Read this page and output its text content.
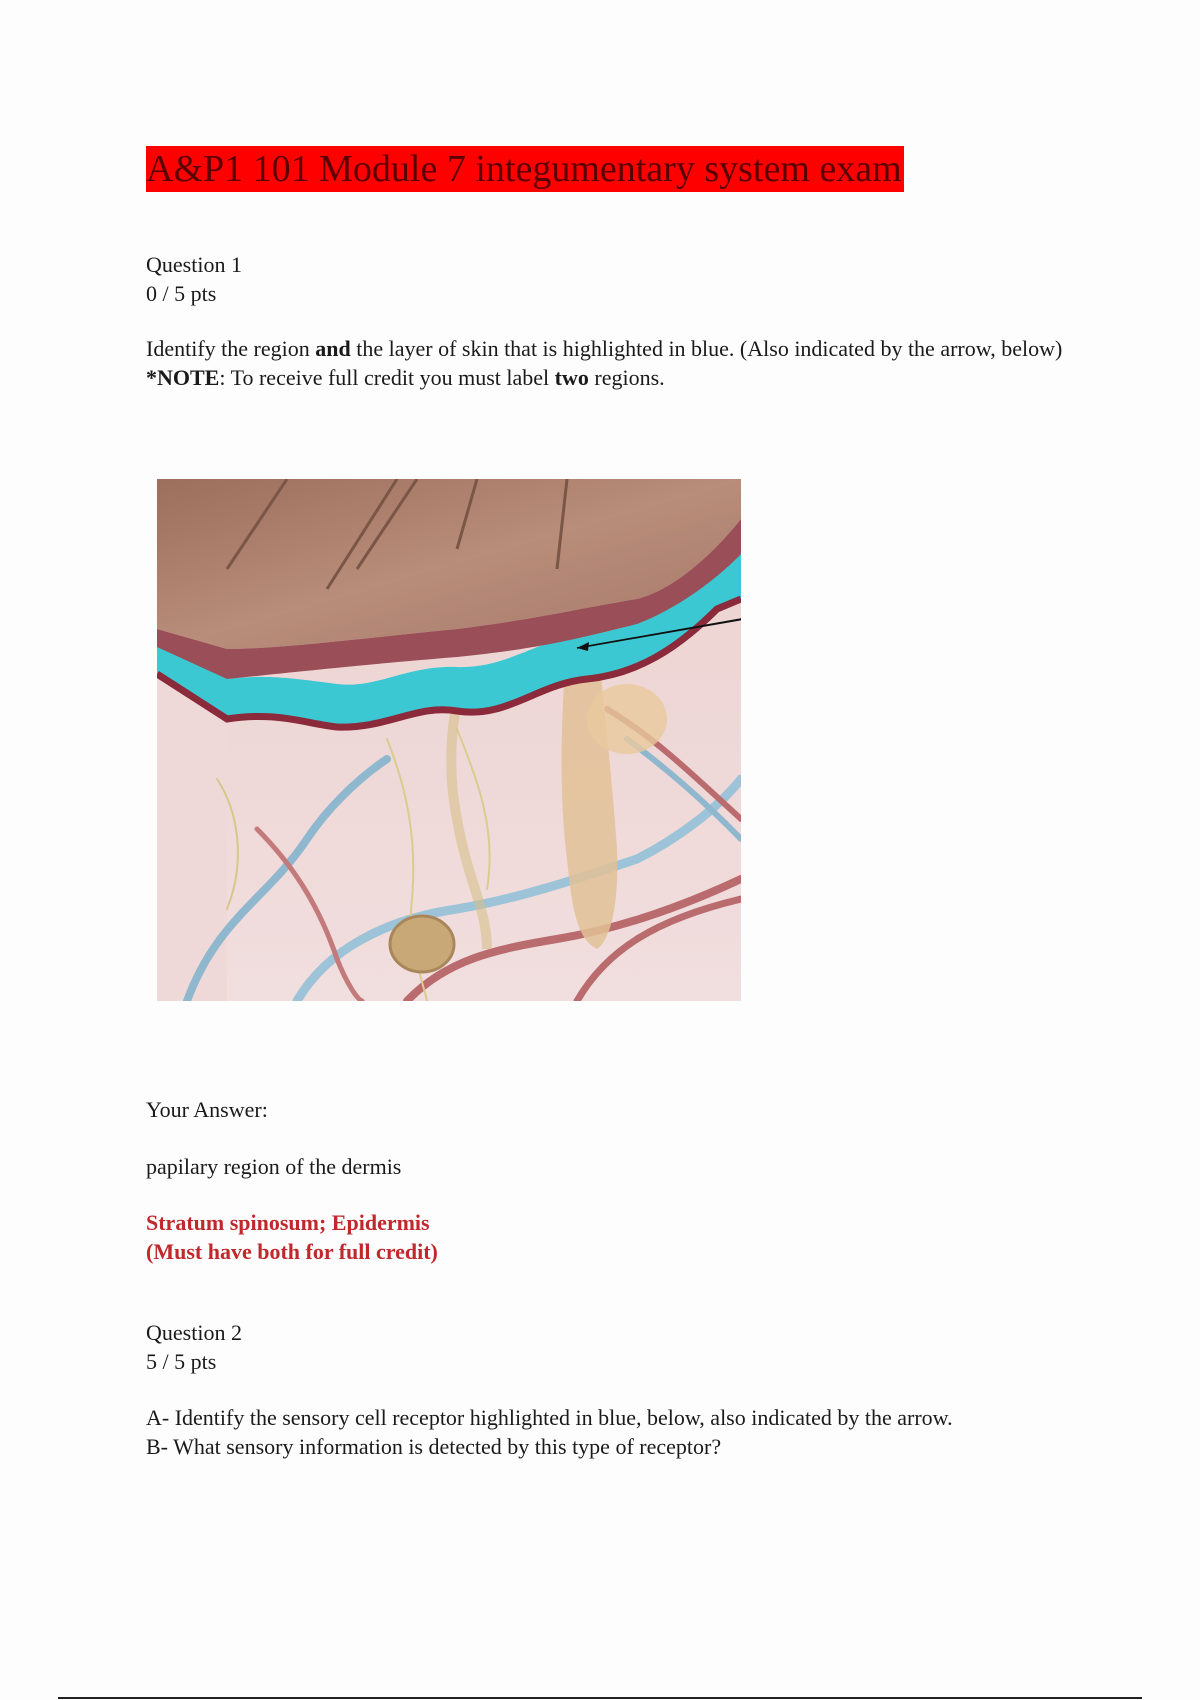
A&P1 101 Module 7 integumentary system exam
Question 1
0 / 5 pts
Identify the region and the layer of skin that is highlighted in blue. (Also indicated by the arrow, below) *NOTE: To receive full credit you must label two regions.
Your Answer:
papilary region of the dermis
Stratum spinosum; Epidermis
(Must have both for full credit)
Question 2
5 / 5 pts
A- Identify the sensory cell receptor highlighted in blue, below, also indicated by the arrow.
B- What sensory information is detected by this type of receptor?
